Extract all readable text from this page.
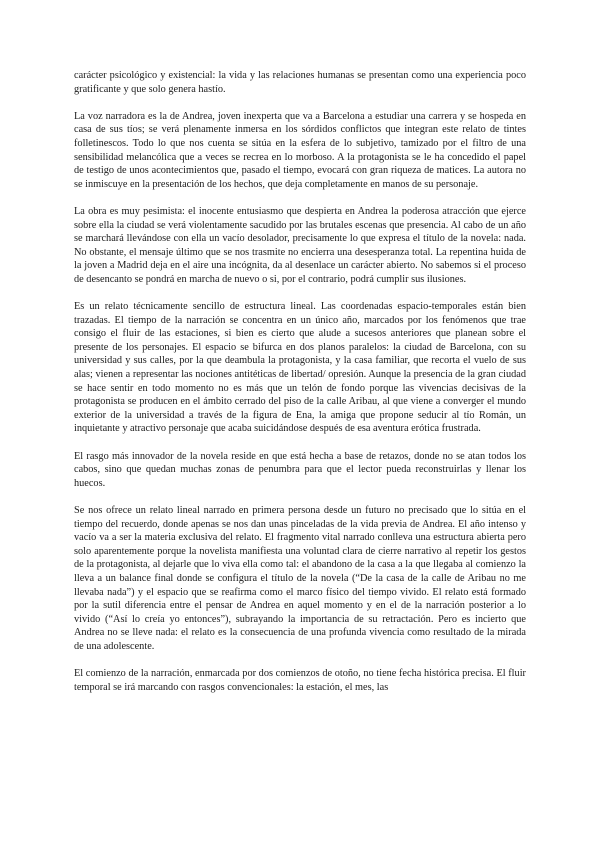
carácter psicológico y existencial: la vida y las relaciones humanas se presentan como una experiencia poco gratificante y que solo genera hastío.

La voz narradora es la de Andrea, joven inexperta que va a Barcelona a estudiar una carrera y se hospeda en casa de sus tíos; se verá plenamente inmersa en los sórdidos conflictos que integran este relato de tintes folletinescos. Todo lo que nos cuenta se sitúa en la esfera de lo subjetivo, tamizado por el filtro de una sensibilidad melancólica que a veces se recrea en lo morboso. A la protagonista se le ha concedido el papel de testigo de unos acontecimientos que, pasado el tiempo, evocará con gran riqueza de matices. La autora no se inmiscuye en la presentación de los hechos, que deja completamente en manos de su personaje.

La obra es muy pesimista: el inocente entusiasmo que despierta en Andrea la poderosa atracción que ejerce sobre ella la ciudad se verá violentamente sacudido por las brutales escenas que presencia. Al cabo de un año se marchará llevándose con ella un vacío desolador, precisamente lo que expresa el título de la novela: nada. No obstante, el mensaje último que se nos trasmite no encierra una desesperanza total. La repentina huida de la joven a Madrid deja en el aire una incógnita, da al desenlace un carácter abierto. No sabemos si el proceso de desencanto se pondrá en marcha de nuevo o si, por el contrario, podrá cumplir sus ilusiones.

Es un relato técnicamente sencillo de estructura lineal. Las coordenadas espacio-temporales están bien trazadas. El tiempo de la narración se concentra en un único año, marcados por los fenómenos que trae consigo el fluir de las estaciones, si bien es cierto que alude a sucesos anteriores que planean sobre el presente de los personajes. El espacio se bifurca en dos planos paralelos: la ciudad de Barcelona, con su universidad y sus calles, por la que deambula la protagonista, y la casa familiar, que recorta el vuelo de sus alas; vienen a representar las nociones antitéticas de libertad/ opresión. Aunque la presencia de la gran ciudad se hace sentir en todo momento no es más que un telón de fondo porque las vivencias decisivas de la protagonista se producen en el ámbito cerrado del piso de la calle Aribau, al que viene a converger el mundo exterior de la universidad a través de la figura de Ena, la amiga que propone seducir al tío Román, un inquietante y atractivo personaje que acaba suicidándose después de esa aventura erótica frustrada.

El rasgo más innovador de la novela reside en que está hecha a base de retazos, donde no se atan todos los cabos, sino que quedan muchas zonas de penumbra para que el lector pueda reconstruirlas y llenar los huecos.

Se nos ofrece un relato lineal narrado en primera persona desde un futuro no precisado que lo sitúa en el tiempo del recuerdo, donde apenas se nos dan unas pinceladas de la vida previa de Andrea. El año intenso y vacío va a ser la materia exclusiva del relato. El fragmento vital narrado conlleva una estructura abierta pero solo aparentemente porque la novelista manifiesta una voluntad clara de cierre narrativo al repetir los gestos de la protagonista, al dejarle que lo viva ella como tal: el abandono de la casa a la que llegaba al comienzo la lleva a un balance final donde se configura el título de la novela (“De la casa de la calle de Aribau no me llevaba nada”) y el espacio que se reafirma como el marco físico del tiempo vivido. El relato está formado por la sutil diferencia entre el pensar de Andrea en aquel momento y en el de la narración posterior a lo vivido (“Así lo creía yo entonces”), subrayando la importancia de su retractación. Pero es incierto que Andrea no se lleve nada: el relato es la consecuencia de una profunda vivencia como resultado de la mirada de una adolescente.

El comienzo de la narración, enmarcada por dos comienzos de otoño, no tiene fecha histórica precisa. El fluir temporal se irá marcando con rasgos convencionales: la estación, el mes, las
